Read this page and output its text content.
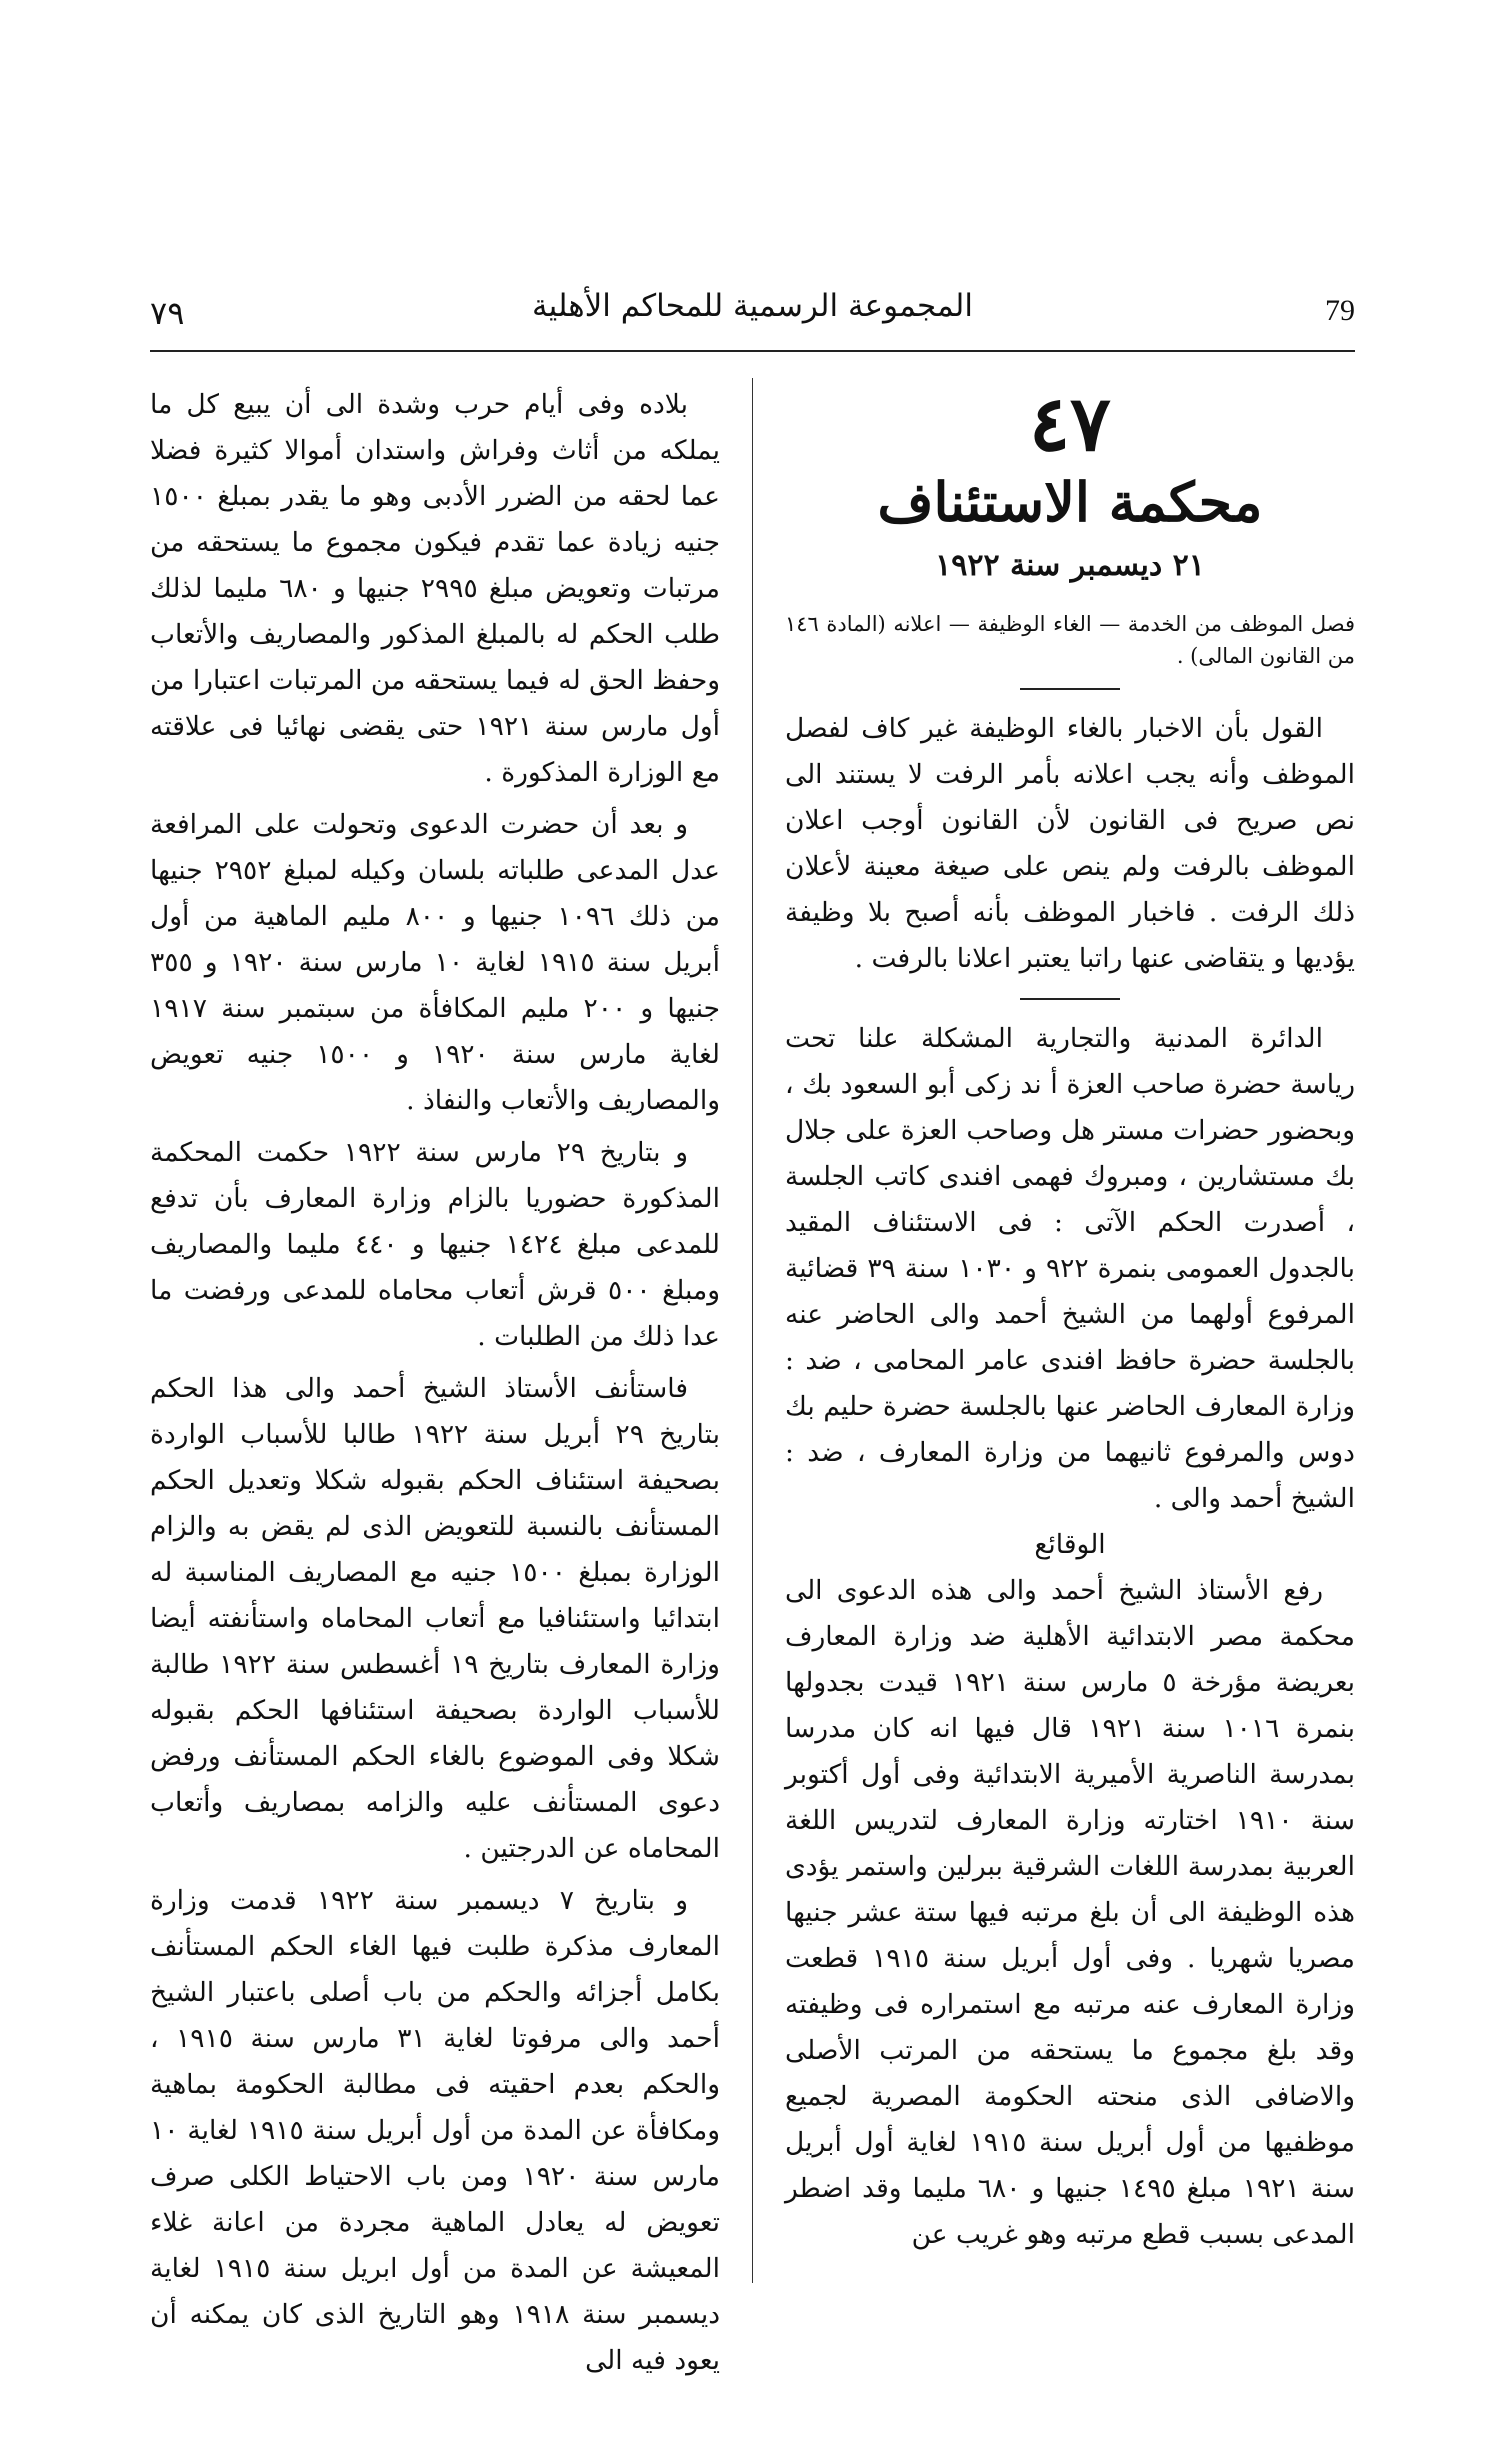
٧٩	المجموعة الرسمية للمحاكم الأهلية	79
٤٧
محكمة الاستئناف
٢١ ديسمبر سنة ١٩٢٢

فصل الموظف من الخدمة — الغاء الوظيفة — اعلانه (المادة ١٤٦ من القانون المالى) .

القول بأن الاخبار بالغاء الوظيفة غير كاف لفصل الموظف وأنه يجب اعلانه بأمر الرفت لا يستند الى نص صريح فى القانون لأن القانون أوجب اعلان الموظف بالرفت ولم ينص على صيغة معينة لأعلان ذلك الرفت . فاخبار الموظف بأنه أصبح بلا وظيفة يؤديها و يتقاضى عنها راتبا يعتبر اعلانا بالرفت .

الدائرة المدنية والتجارية المشكلة علنا تحت رياسة حضرة صاحب العزة أ ند زكى أبو السعود بك ، وبحضور حضرات مستر هل وصاحب العزة على جلال بك مستشارين ، ومبروك فهمى افندى كاتب الجلسة ، أصدرت الحكم الآتى : فى الاستئناف المقيد بالجدول العمومى بنمرة ٩٢٢ و ١٠٣٠ سنة ٣٩ قضائية المرفوع أولهما من الشيخ أحمد والى الحاضر عنه بالجلسة حضرة حافظ افندى عامر المحامى ، ضد : وزارة المعارف الحاضر عنها بالجلسة حضرة حليم بك دوس والمرفوع ثانيهما من وزارة المعارف ، ضد : الشيخ أحمد والى .

الوقائع

رفع الأستاذ الشيخ أحمد والى هذه الدعوى الى محكمة مصر الابتدائية الأهلية ضد وزارة المعارف بعريضة مؤرخة ٥ مارس سنة ١٩٢١ قيدت بجدولها بنمرة ١٠١٦ سنة ١٩٢١ قال فيها انه كان مدرسا بمدرسة الناصرية الأميرية الابتدائية وفى أول أكتوبر سنة ١٩١٠ اختارته وزارة المعارف لتدريس اللغة العربية بمدرسة اللغات الشرقية ببرلين واستمر يؤدى هذه الوظيفة الى أن بلغ مرتبه فيها ستة عشر جنيها مصريا شهريا . وفى أول أبريل سنة ١٩١٥ قطعت وزارة المعارف عنه مرتبه مع استمراره فى وظيفته وقد بلغ مجموع ما يستحقه من المرتب الأصلى والاضافى الذى منحته الحكومة المصرية لجميع موظفيها من أول أبريل سنة ١٩١٥ لغاية أول أبريل سنة ١٩٢١ مبلغ ١٤٩٥ جنيها و ٦٨٠ مليما وقد اضطر المدعى بسبب قطع مرتبه وهو غريب عن

بلاده وفى أيام حرب وشدة الى أن يبيع كل ما يملكه من أثاث وفراش واستدان أموالا كثيرة فضلا عما لحقه من الضرر الأدبى وهو ما يقدر بمبلغ ١٥٠٠ جنيه زيادة عما تقدم فيكون مجموع ما يستحقه من مرتبات وتعويض مبلغ ٢٩٩٥ جنيها و ٦٨٠ مليما لذلك طلب الحكم له بالمبلغ المذكور والمصاريف والأتعاب وحفظ الحق له فيما يستحقه من المرتبات اعتبارا من أول مارس سنة ١٩٢١ حتى يقضى نهائيا فى علاقته مع الوزارة المذكورة .

و بعد أن حضرت الدعوى وتحولت على المرافعة عدل المدعى طلباته بلسان وكيله لمبلغ ٢٩٥٢ جنيها من ذلك ١٠٩٦ جنيها و ٨٠٠ مليم الماهية من أول أبريل سنة ١٩١٥ لغاية ١٠ مارس سنة ١٩٢٠ و ٣٥٥ جنيها و ٢٠٠ مليم المكافأة من سبتمبر سنة ١٩١٧ لغاية مارس سنة ١٩٢٠ و ١٥٠٠ جنيه تعويض والمصاريف والأتعاب والنفاذ .

و بتاريخ ٢٩ مارس سنة ١٩٢٢ حكمت المحكمة المذكورة حضوريا بالزام وزارة المعارف بأن تدفع للمدعى مبلغ ١٤٢٤ جنيها و ٤٤٠ مليما والمصاريف ومبلغ ٥٠٠ قرش أتعاب محاماه للمدعى ورفضت ما عدا ذلك من الطلبات .

فاستأنف الأستاذ الشيخ أحمد والى هذا الحكم بتاريخ ٢٩ أبريل سنة ١٩٢٢ طالبا للأسباب الواردة بصحيفة استئناف الحكم بقبوله شكلا وتعديل الحكم المستأنف بالنسبة للتعويض الذى لم يقض به والزام الوزارة بمبلغ ١٥٠٠ جنيه مع المصاريف المناسبة له ابتدائيا واستئنافيا مع أتعاب المحاماه واستأنفته أيضا وزارة المعارف بتاريخ ١٩ أغسطس سنة ١٩٢٢ طالبة للأسباب الواردة بصحيفة استئنافها الحكم بقبوله شكلا وفى الموضوع بالغاء الحكم المستأنف ورفض دعوى المستأنف عليه والزامه بمصاريف وأتعاب المحاماه عن الدرجتين .

و بتاريخ ٧ ديسمبر سنة ١٩٢٢ قدمت وزارة المعارف مذكرة طلبت فيها الغاء الحكم المستأنف بكامل أجزائه والحكم من باب أصلى باعتبار الشيخ أحمد والى مرفوتا لغاية ٣١ مارس سنة ١٩١٥ ، والحكم بعدم احقيته فى مطالبة الحكومة بماهية ومكافأة عن المدة من أول أبريل سنة ١٩١٥ لغاية ١٠ مارس سنة ١٩٢٠ ومن باب الاحتياط الكلى صرف تعويض له يعادل الماهية مجردة من اعانة غلاء المعيشة عن المدة من أول ابريل سنة ١٩١٥ لغاية ديسمبر سنة ١٩١٨ وهو التاريخ الذى كان يمكنه أن يعود فيه الى
